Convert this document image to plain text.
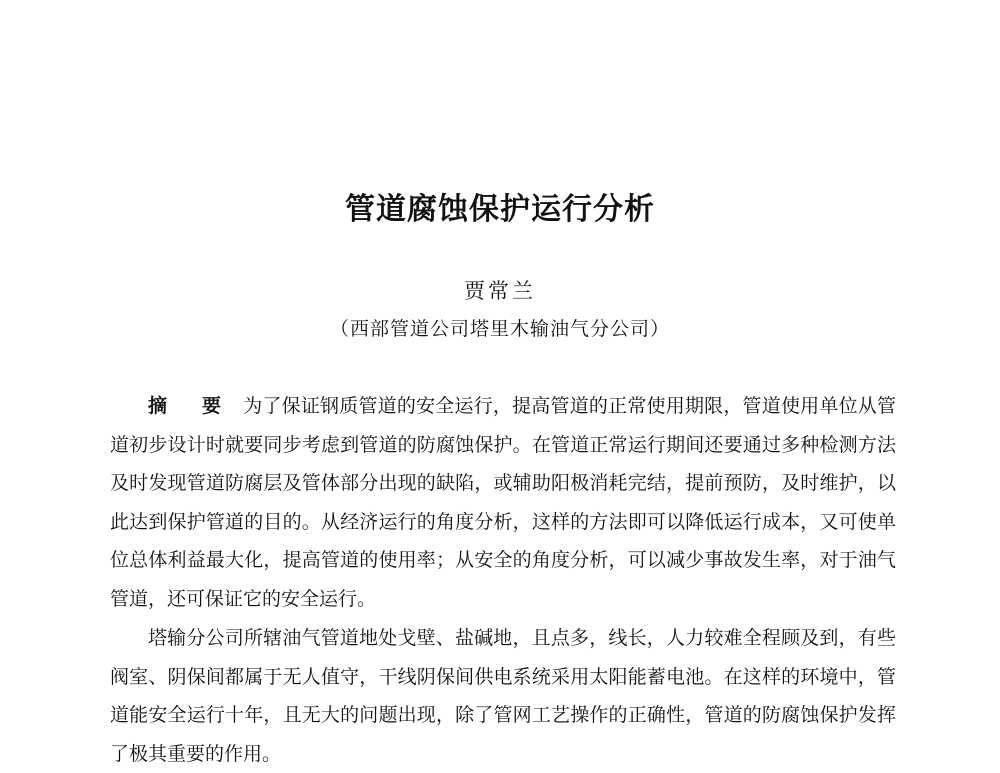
管道腐蚀保护运行分析
贾常兰
（西部管道公司塔里木输油气分公司）
摘 要 为了保证钢质管道的安全运行，提高管道的正常使用期限，管道使用单位从管道初步设计时就要同步考虑到管道的防腐蚀保护。在管道正常运行期间还要通过多种检测方法及时发现管道防腐层及管体部分出现的缺陷，或辅助阳极消耗完结，提前预防，及时维护，以此达到保护管道的目的。从经济运行的角度分析，这样的方法即可以降低运行成本，又可使单位总体利益最大化，提高管道的使用率；从安全的角度分析，可以减少事故发生率，对于油气管道，还可保证它的安全运行。
塔输分公司所辖油气管道地处戈壁、盐碱地，且点多，线长，人力较难全程顾及到，有些阀室、阴保间都属于无人值守，干线阴保间供电系统采用太阳能蓄电池。在这样的环境中，管道能安全运行十年，且无大的问题出现，除了管网工艺操作的正确性，管道的防腐蚀保护发挥了极其重要的作用。
